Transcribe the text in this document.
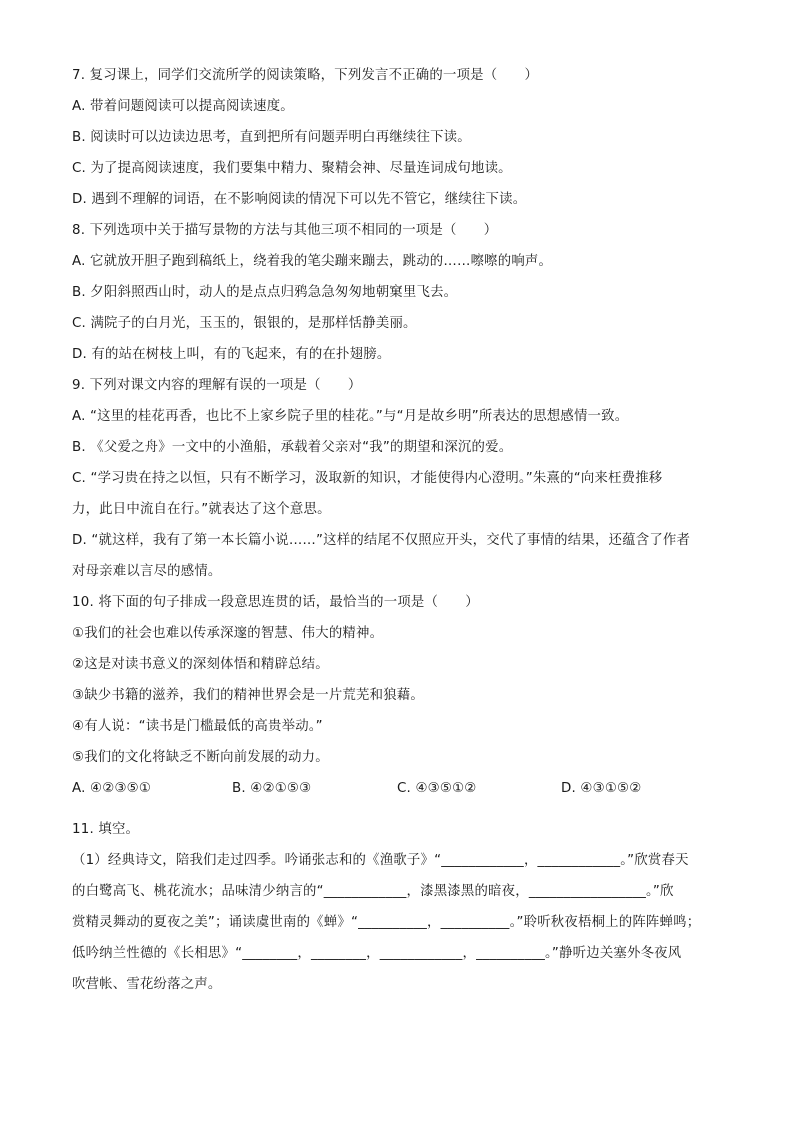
7. 复习课上，同学们交流所学的阅读策略，下列发言不正确的一项是（　　）
A. 带着问题阅读可以提高阅读速度。
B. 阅读时可以边读边思考，直到把所有问题弄明白再继续往下读。
C. 为了提高阅读速度，我们要集中精力、聚精会神、尽量连词成句地读。
D. 遇到不理解的词语，在不影响阅读的情况下可以先不管它，继续往下读。
8. 下列选项中关于描写景物的方法与其他三项不相同的一项是（　　）
A. 它就放开胆子跑到稿纸上，绕着我的笔尖蹦来蹦去，跳动的……嚓嚓的响声。
B. 夕阳斜照西山时，动人的是点点归鸦急急匆匆地朝窠里飞去。
C. 满院子的白月光，玉玉的，银银的，是那样恬静美丽。
D. 有的站在树枝上叫，有的飞起来，有的在扑翅膀。
9. 下列对课文内容的理解有误的一项是（　　）
A. “这里的桂花再香，也比不上家乡院子里的桂花。”与“月是故乡明”所表达的思想感情一致。
B. 《父爱之舟》一文中的小渔船，承载着父亲对“我”的期望和深沉的爱。
C. “学习贵在持之以恒，只有不断学习，汲取新的知识，才能使得内心澄明。”朱熹的“向来枉费推移
力，此日中流自在行。”就表达了这个意思。
D. “就这样，我有了第一本长篇小说……”这样的结尾不仅照应开头，交代了事情的结果，还蕴含了作者
对母亲难以言尽的感情。
10. 将下面的句子排成一段意思连贯的话，最恰当的一项是（　　）
①我们的社会也难以传承深邃的智慧、伟大的精神。
②这是对读书意义的深刻体悟和精辟总结。
③缺少书籍的滋养，我们的精神世界会是一片荒芜和狼藉。
④有人说：“读书是门槛最低的高贵举动。”
⑤我们的文化将缺乏不断向前发展的动力。
A. ④②③⑤①	B. ④②①⑤③	C. ④③⑤①②	D. ④③①⑤②
11. 填空。
（1）经典诗文，陪我们走过四季。吟诵张志和的《渔歌子》“____________，____________。”欣赏春天
的白鹭高飞、桃花流水；品味清少纳言的“____________，漆黑漆黑的暗夜，_________________。”欣
赏精灵舞动的夏夜之美”；诵读虞世南的《蝉》“__________，__________。”聆听秋夜梧桐上的阵阵蝉鸣；
低吟纳兰性德的《长相思》“________，________，____________，__________。”静听边关塞外冬夜风
吹营帐、雪花纷落之声。
